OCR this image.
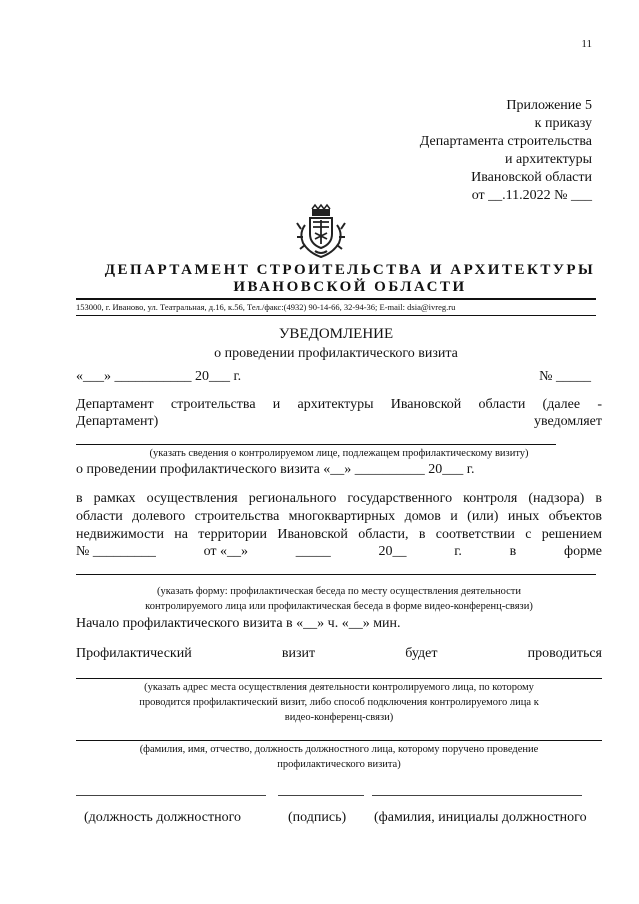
11
Приложение 5
к приказу
Департамента строительства
и архитектуры
Ивановской области
от __.11.2022 № ___
ДЕПАРТАМЕНТ СТРОИТЕЛЬСТВА И АРХИТЕКТУРЫ
ИВАНОВСКОЙ ОБЛАСТИ
153000, г. Иваново, ул. Театральная, д.16, к.56, Тел./факс:(4932) 90-14-66, 32-94-36; E-mail: dsia@ivreg.ru
УВЕДОМЛЕНИЕ
о проведении профилактического визита
«___» ___________ 20___ г.	№ _____
Департамент строительства и архитектуры Ивановской области (далее -
Департамент)	уведомляет
(указать сведения о контролируемом лице, подлежащем профилактическому визиту)
о проведении профилактического визита «__» __________ 20___ г.
в рамках осуществления регионального государственного контроля (надзора) в
области долевого строительства многоквартирных домов и (или) иных объектов
недвижимости на территории Ивановской области, в соответствии с решением
№ _________	от «__»	_____	20__	г.	в	форме
(указать форму: профилактическая беседа по месту осуществления деятельности
контролируемого лица или профилактическая беседа в форме видео-конференц-связи)
Начало профилактического визита в «__» ч. «__» мин.
Профилактический	визит	будет	проводиться
(указать адрес места осуществления деятельности контролируемого лица, по которому
проводится профилактический визит, либо способ подключения контролируемого лица к
видео-конференц-связи)
(фамилия, имя, отчество, должность должностного лица, которому поручено проведение
профилактического визита)
(должность должностного	(подпись) (фамилия, инициалы должностного
